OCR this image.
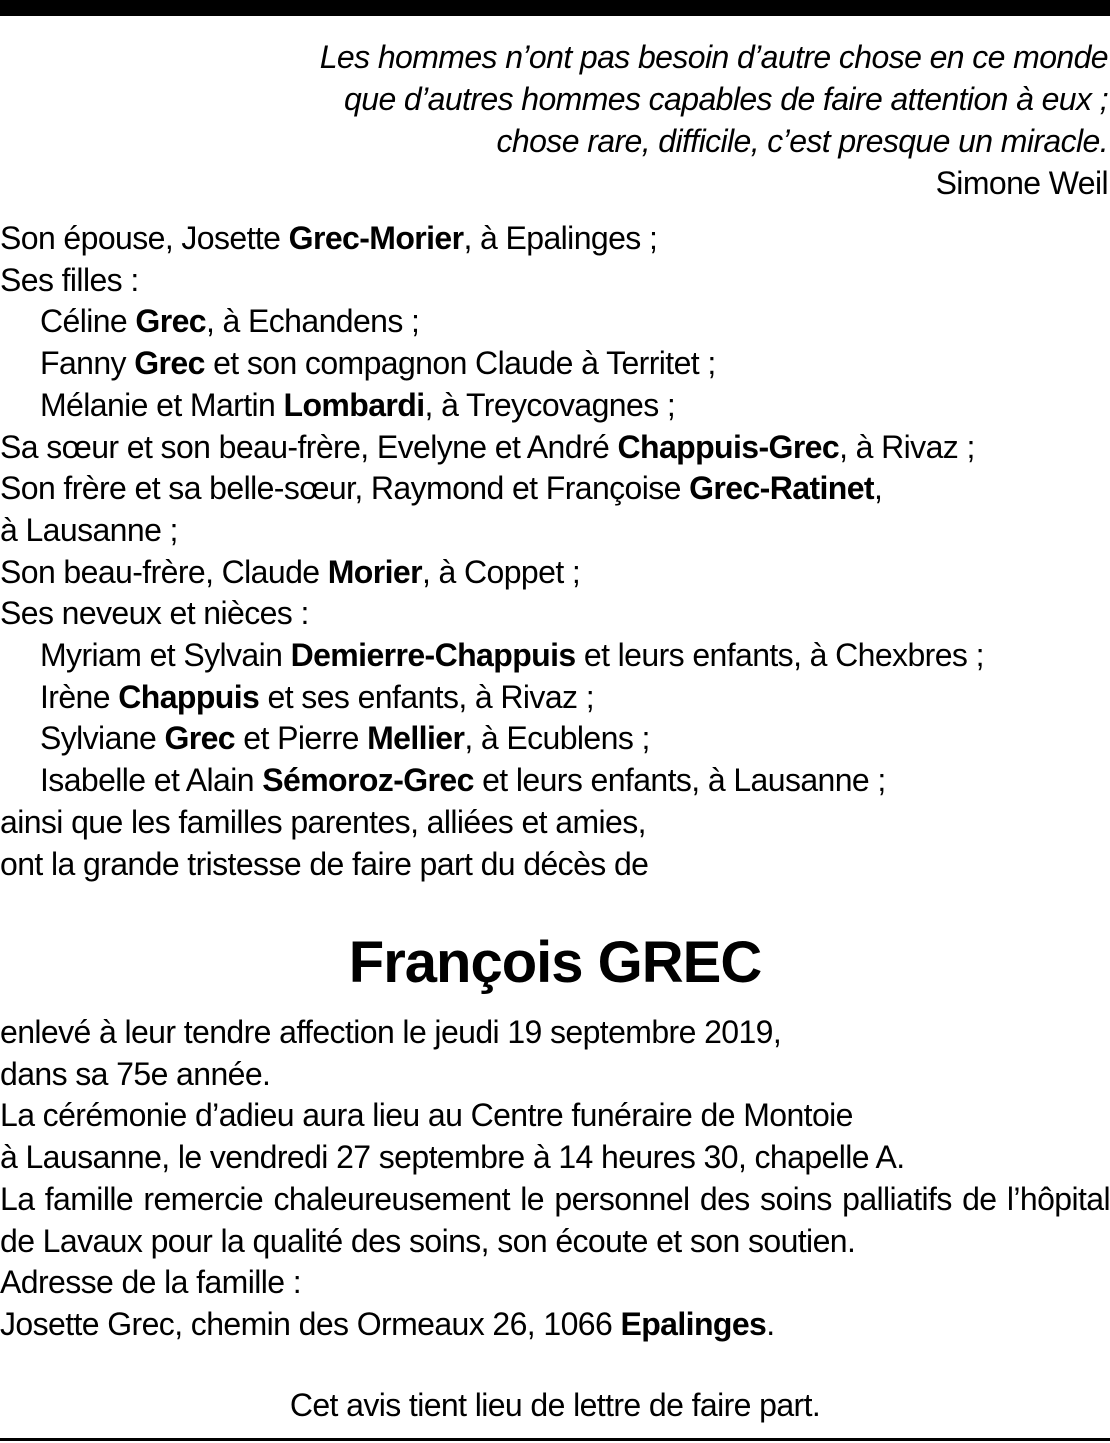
Les hommes n’ont pas besoin d’autre chose en ce monde
que d’autres hommes capables de faire attention à eux ;
chose rare, difficile, c’est presque un miracle.
Simone Weil
Son épouse, Josette Grec-Morier, à Epalinges ;
Ses filles :
Céline Grec, à Echandens ;
Fanny Grec et son compagnon Claude à Territet ;
Mélanie et Martin Lombardi, à Treycovagnes ;
Sa sœur et son beau-frère, Evelyne et André Chappuis-Grec, à Rivaz ;
Son frère et sa belle-sœur, Raymond et Françoise Grec-Ratinet,
à Lausanne ;
Son beau-frère, Claude Morier, à Coppet ;
Ses neveux et nièces :
Myriam et Sylvain Demierre-Chappuis et leurs enfants, à Chexbres ;
Irène Chappuis et ses enfants, à Rivaz ;
Sylviane Grec et Pierre Mellier, à Ecublens ;
Isabelle et Alain Sémoroz-Grec et leurs enfants, à Lausanne ;
ainsi que les familles parentes, alliées et amies,
ont la grande tristesse de faire part du décès de
François GREC
enlevé à leur tendre affection le jeudi 19 septembre 2019,
dans sa 75e année.
La cérémonie d’adieu aura lieu au Centre funéraire de Montoie
à Lausanne, le vendredi 27 septembre à 14 heures 30, chapelle A.
La famille remercie chaleureusement le personnel des soins palliatifs de l’hôpital de Lavaux pour la qualité des soins, son écoute et son soutien.
Adresse de la famille :
Josette Grec, chemin des Ormeaux 26, 1066 Epalinges.
Cet avis tient lieu de lettre de faire part.
